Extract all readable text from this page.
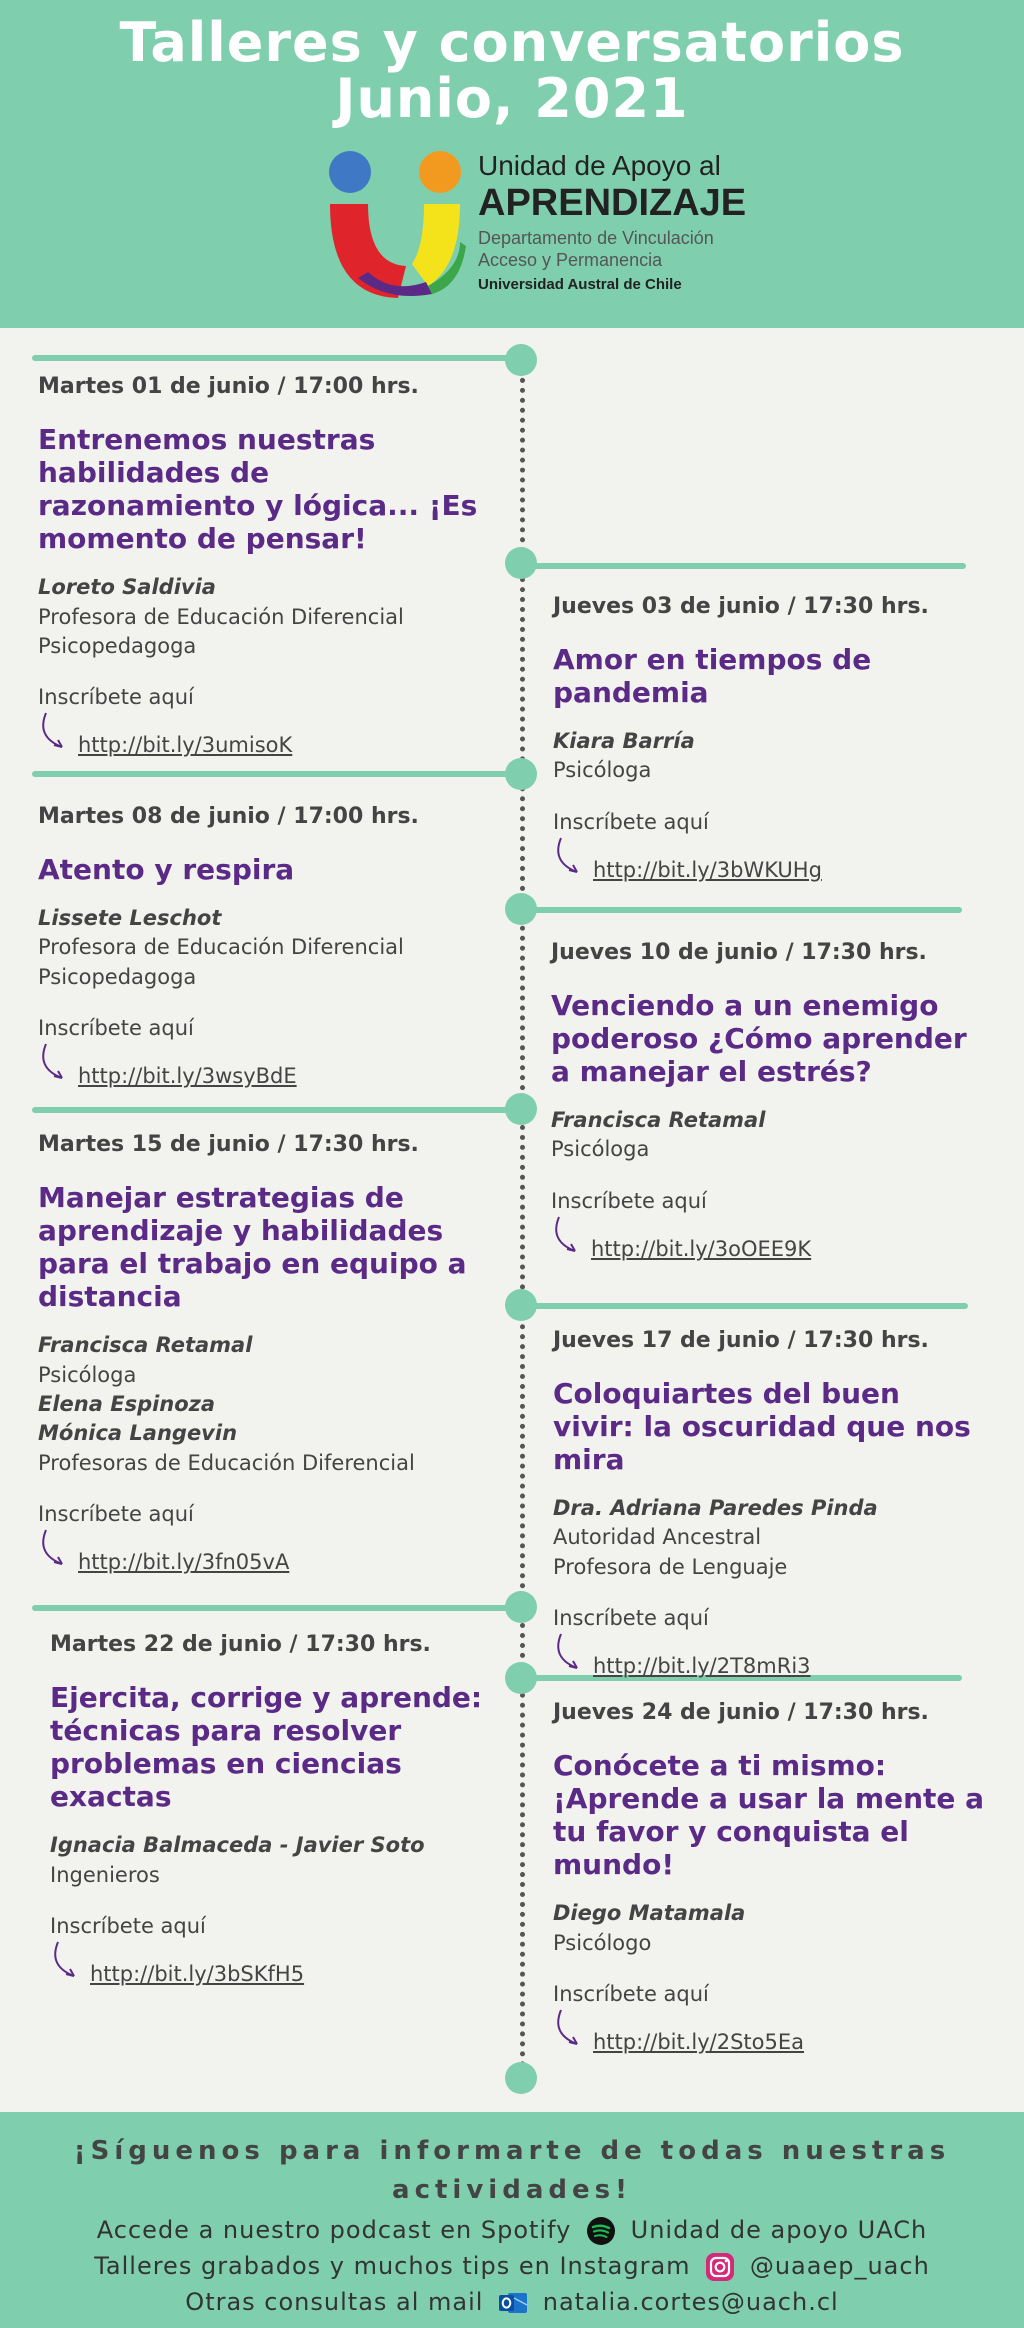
Talleres y conversatorios
Junio, 2021
Unidad de Apoyo al
APRENDIZAJE
Departamento de Vinculación
Acceso y Permanencia
Universidad Austral de Chile
Martes 01 de junio / 17:00 hrs.
Entrenemos nuestras habilidades de razonamiento y lógica... ¡Es momento de pensar!
Loreto Saldivia
Profesora de Educación Diferencial
Psicopedagoga
Inscríbete aquí
http://bit.ly/3umisoK
Jueves 03 de junio / 17:30 hrs.
Amor en tiempos de pandemia
Kiara Barría
Psicóloga
Inscríbete aquí
http://bit.ly/3bWKUHg
Martes 08 de junio / 17:00 hrs.
Atento y respira
Lissete Leschot
Profesora de Educación Diferencial
Psicopedagoga
Inscríbete aquí
http://bit.ly/3wsyBdE
Jueves 10 de junio / 17:30 hrs.
Venciendo a un enemigo poderoso ¿Cómo aprender a manejar el estrés?
Francisca Retamal
Psicóloga
Inscríbete aquí
http://bit.ly/3oOEE9K
Martes 15 de junio / 17:30 hrs.
Manejar estrategias de aprendizaje y habilidades para el trabajo en equipo a distancia
Francisca Retamal
Psicóloga
Elena Espinoza
Mónica Langevin
Profesoras de Educación Diferencial
Inscríbete aquí
http://bit.ly/3fn05vA
Jueves 17 de junio / 17:30 hrs.
Coloquiartes del buen vivir: la oscuridad que nos mira
Dra. Adriana Paredes Pinda
Autoridad Ancestral
Profesora de Lenguaje
Inscríbete aquí
http://bit.ly/2T8mRi3
Martes 22 de junio / 17:30 hrs.
Ejercita, corrige y aprende: técnicas para resolver problemas en ciencias exactas
Ignacia Balmaceda - Javier Soto
Ingenieros
Inscríbete aquí
http://bit.ly/3bSKfH5
Jueves 24 de junio / 17:30 hrs.
Conócete a ti mismo: ¡Aprende a usar la mente a tu favor y conquista el mundo!
Diego Matamala
Psicólogo
Inscríbete aquí
http://bit.ly/2Sto5Ea
¡Síguenos para informarte de todas nuestras actividades!
Accede a nuestro podcast en Spotify Unidad de apoyo UACh
Talleres grabados y muchos tips en Instagram @uaaep_uach
Otras consultas al mail natalia.cortes@uach.cl
